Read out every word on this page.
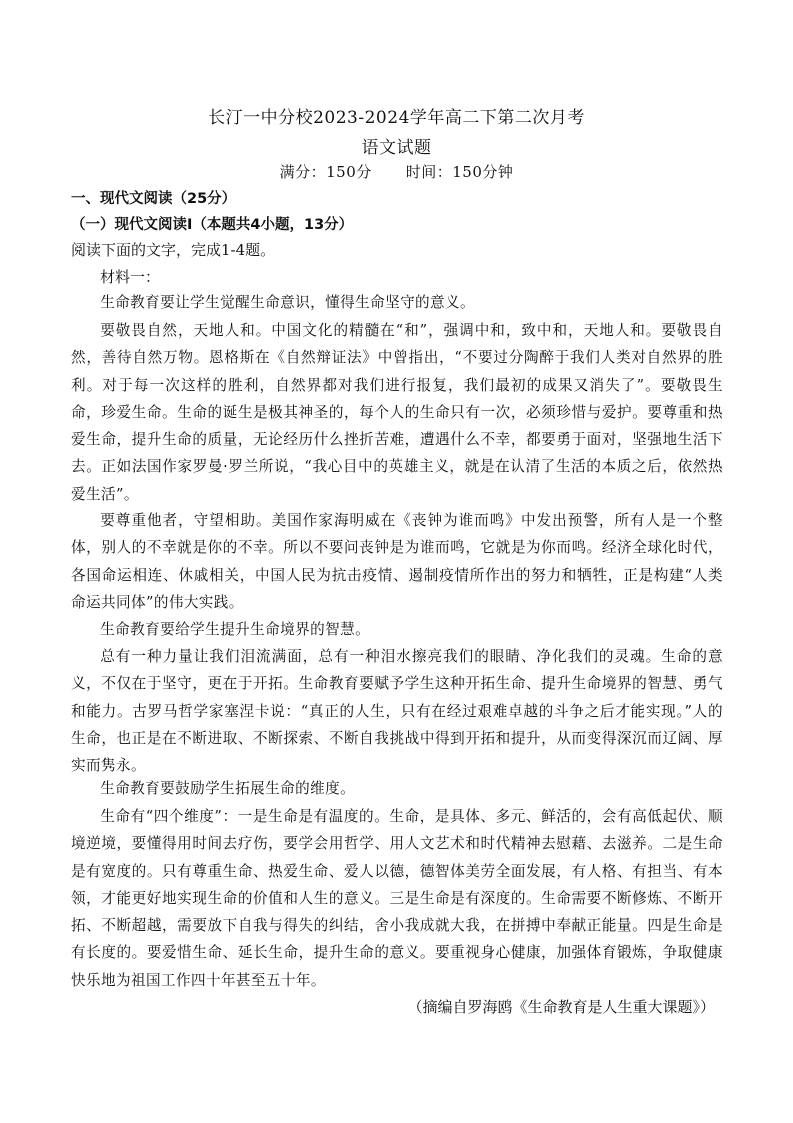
长汀一中分校2023-2024学年高二下第二次月考
语文试题
满分：150分 时间：150分钟
一、现代文阅读（25分）
（一）现代文阅读Ⅰ（本题共4小题，13分）
阅读下面的文字，完成1-4题。
材料一：
生命教育要让学生觉醒生命意识，懂得生命坚守的意义。
要敬畏自然，天地人和。中国文化的精髓在“和”，强调中和，致中和，天地人和。要敬畏自然，善待自然万物。恩格斯在《自然辩证法》中曾指出，“不要过分陶醉于我们人类对自然界的胜利。对于每一次这样的胜利，自然界都对我们进行报复，我们最初的成果又消失了”。要敬畏生命，珍爱生命。生命的诞生是极其神圣的，每个人的生命只有一次，必须珍惜与爱护。要尊重和热爱生命，提升生命的质量，无论经历什么挫折苦难，遭遇什么不幸，都要勇于面对，坚强地生活下去。正如法国作家罗曼·罗兰所说，“我心目中的英雄主义，就是在认清了生活的本质之后，依然热爱生活”。
要尊重他者，守望相助。美国作家海明威在《丧钟为谁而鸣》中发出预警，所有人是一个整体，别人的不幸就是你的不幸。所以不要问丧钟是为谁而鸣，它就是为你而鸣。经济全球化时代，各国命运相连、休戚相关，中国人民为抗击疫情、遏制疫情所作出的努力和牺牲，正是构建“人类命运共同体”的伟大实践。
生命教育要给学生提升生命境界的智慧。
总有一种力量让我们泪流满面，总有一种泪水擦亮我们的眼睛、净化我们的灵魂。生命的意义，不仅在于坚守，更在于开拓。生命教育要赋予学生这种开拓生命、提升生命境界的智慧、勇气和能力。古罗马哲学家塞涅卡说：“真正的人生，只有在经过艰难卓越的斗争之后才能实现。”人的生命，也正是在不断进取、不断探索、不断自我挑战中得到开拓和提升，从而变得深沉而辽阔、厚实而隽永。
生命教育要鼓励学生拓展生命的维度。
生命有“四个维度”：一是生命是有温度的。生命，是具体、多元、鲜活的，会有高低起伏、顺境逆境，要懂得用时间去疗伤，要学会用哲学、用人文艺术和时代精神去慰藉、去滋养。二是生命是有宽度的。只有尊重生命、热爱生命、爱人以德，德智体美劳全面发展，有人格、有担当、有本领，才能更好地实现生命的价值和人生的意义。三是生命是有深度的。生命需要不断修炼、不断开拓、不断超越，需要放下自我与得失的纠结，舍小我成就大我，在拼搏中奉献正能量。四是生命是有长度的。要爱惜生命、延长生命，提升生命的意义。要重视身心健康，加强体育锻炼，争取健康快乐地为祖国工作四十年甚至五十年。
（摘编自罗海鸥《生命教育是人生重大课题》）
